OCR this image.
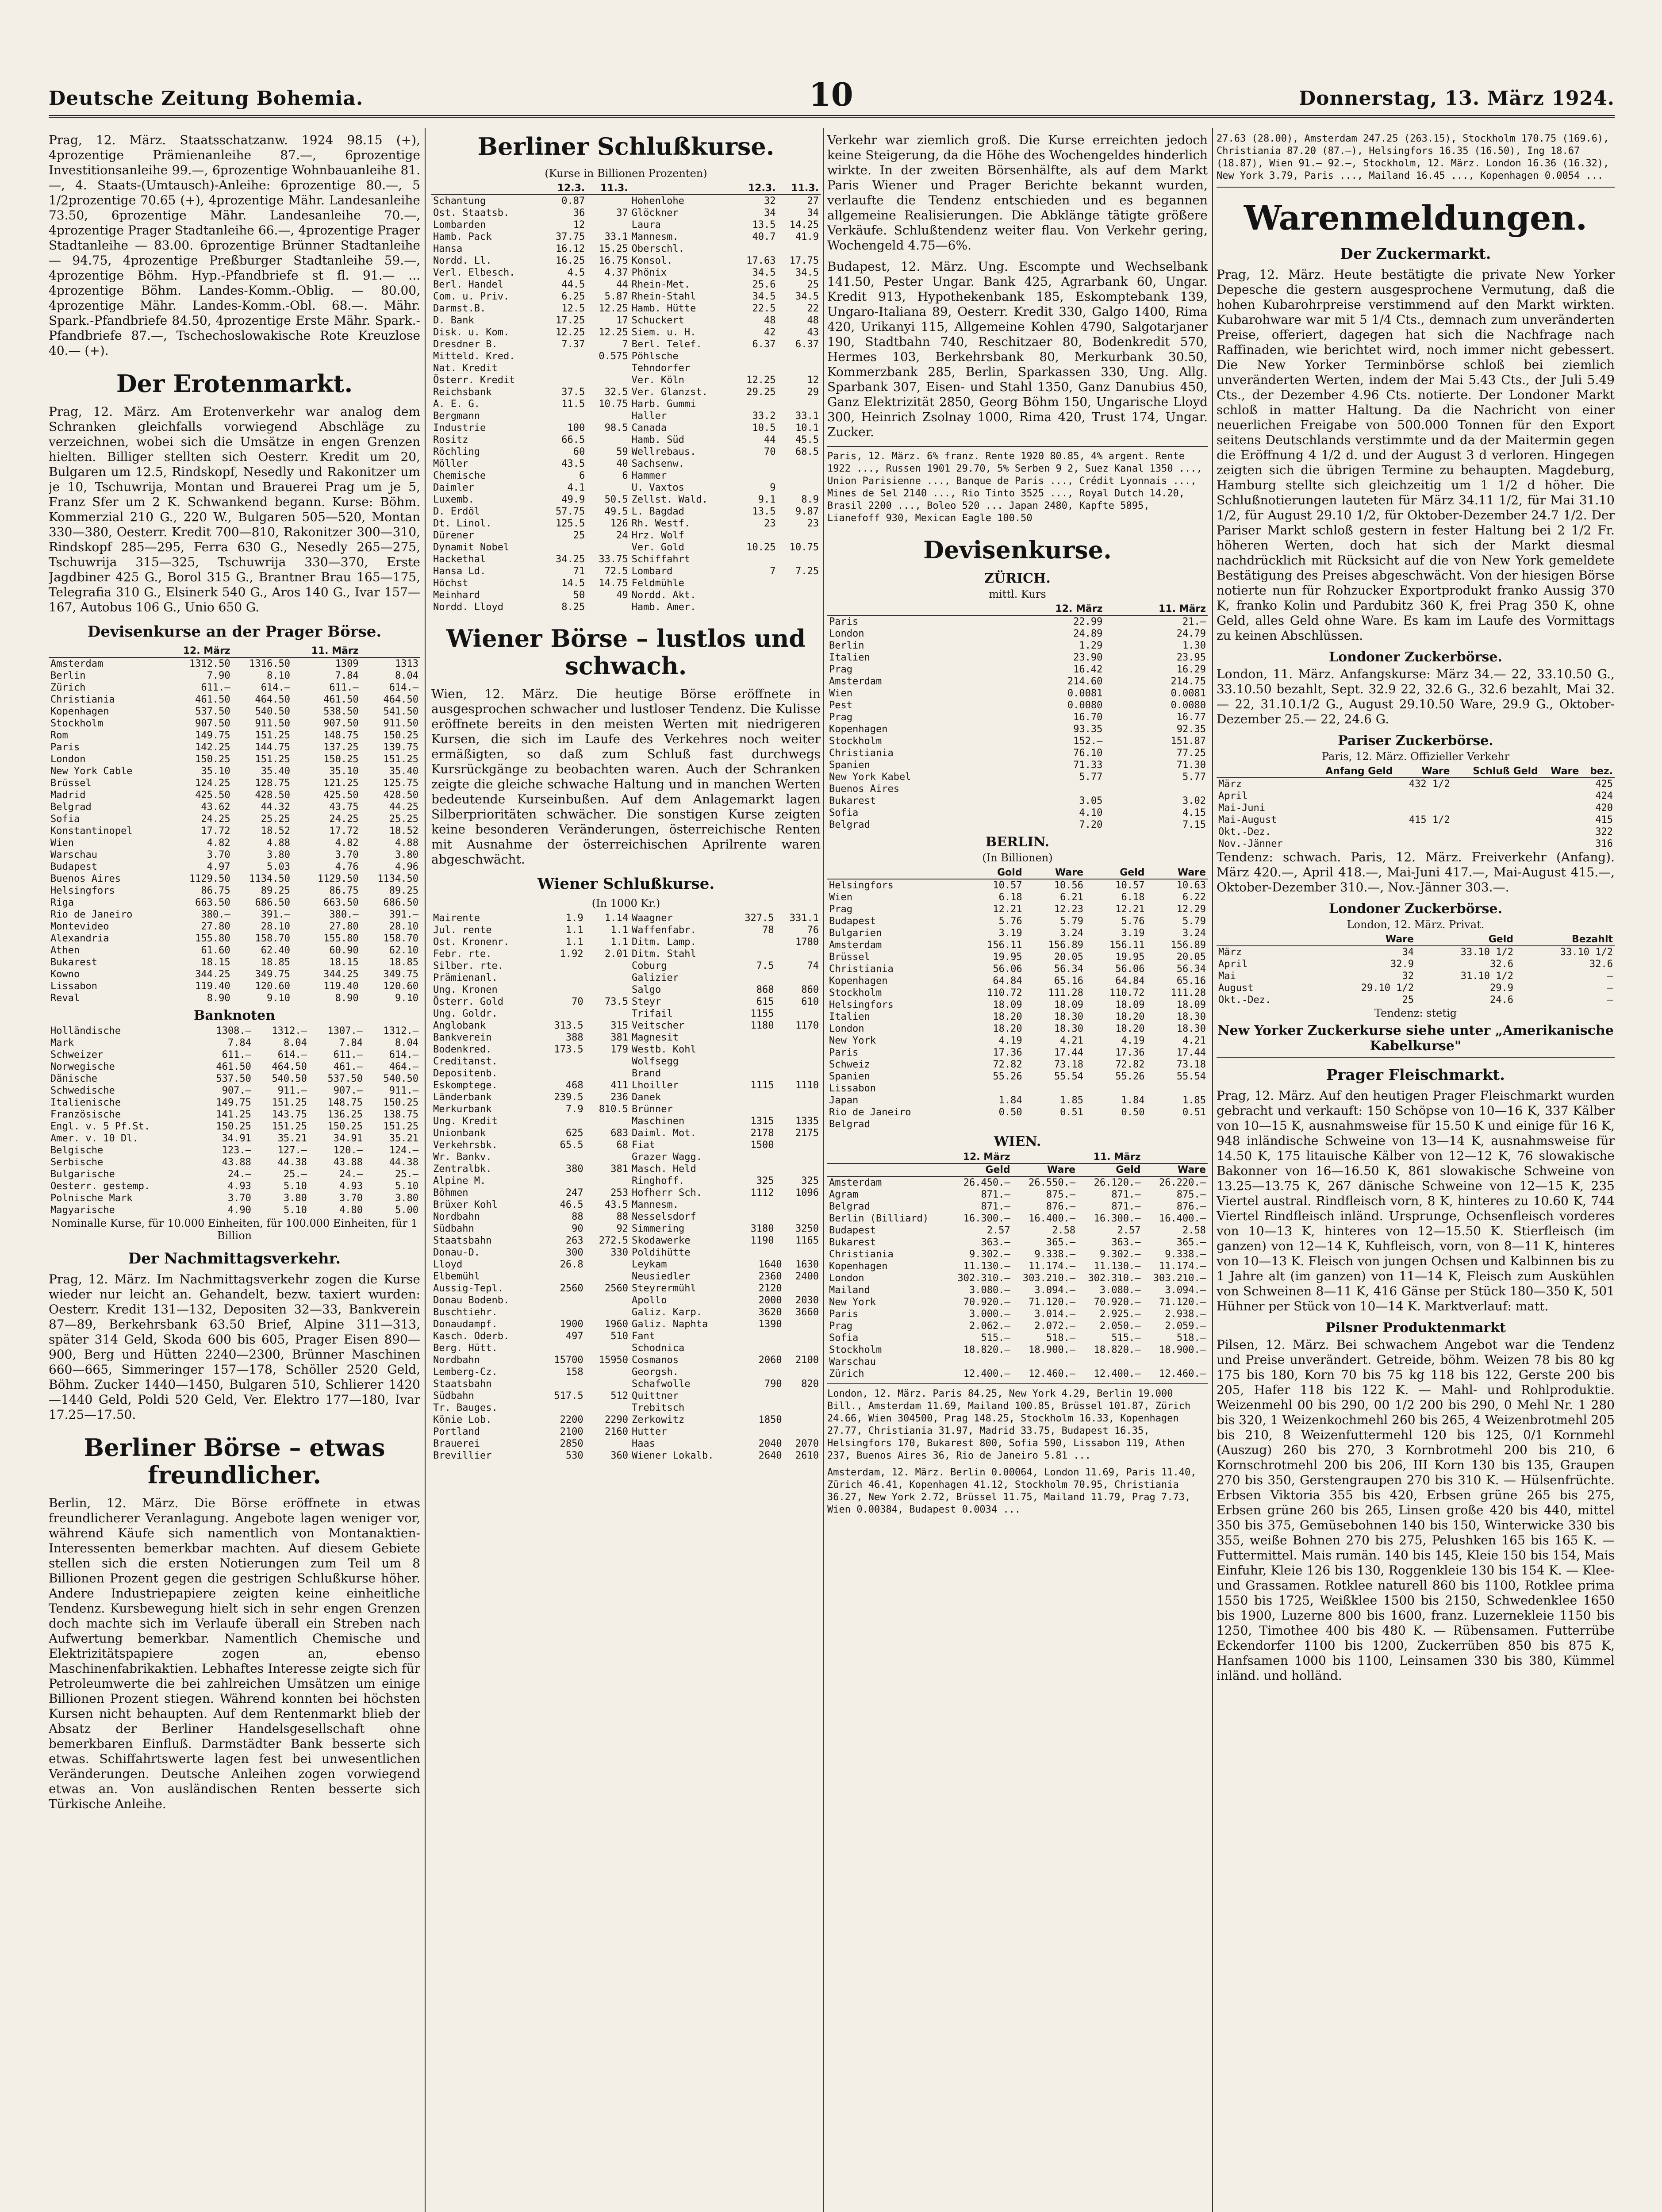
Deutsche Zeitung Bohemia.	10	Donnerstag, 13. März 1924.

Prag, 12. März. Staatsschatzanw. 1924 98.15 (+), 4prozentige Prämienanleihe 87.—, 6prozentige Investitionsanleihe 99.—, 6prozentige Wohnbauanleihe 81.—, 4. Staats-(Umtausch)-Anleihe: 6prozentige 80.—, 5 1/2prozentige 70.65 (+), 4prozentige Mähr. Landesanleihe 73.50, 6prozentige Mähr. Landesanleihe 70.—, 4prozentige Prager Stadtanleihe 66.—, 4prozentige Prager Stadtanleihe — 83.00. 6prozentige Brünner Stadtanleihe — 94.75, 4prozentige Preßburger Stadtanleihe 59.—, 4prozentige Böhm. Hyp.-Pfandbriefe st fl. 91.— ... 4prozentige Böhm. Landes-Komm.-Oblig. — 80.00, 4prozentige Mähr. Landes-Komm.-Obl. 68.—. Mähr. Spark.-Pfandbriefe 84.50, 4prozentige Erste Mähr. Spark.-Pfandbriefe 87.—, Tschechoslowakische Rote Kreuzlose 40.— (+).

Der Erotenmarkt.

Prag, 12. März. Am Erotenverkehr war analog dem Schranken gleichfalls vorwiegend Abschläge zu verzeichnen, wobei sich die Umsätze in engen Grenzen hielten. Billiger stellten sich Oesterr. Kredit um 20, Bulgaren um 12.5, Rindskopf, Nesedly und Rakonitzer um je 10, Tschuwrija, Montan und Brauerei Prag um je 5, Franz Sfer um 2 K. Schwankend begann. Kurse: Böhm. Kommerzial 210 G., 220 W., Bulgaren 505—520, Montan 330—380, Oesterr. Kredit 700—810, Rakonitzer 300—310, Rindskopf 285—295, Ferra 630 G., Nesedly 265—275, Tschuwrija 315—325, Tschuwrija 330—370, Erste Jagdbiner 425 G., Borol 315 G., Brantner Brau 165—175, Telegrafia 310 G., Elsinerk 540 G., Aros 140 G., Ivar 157—167, Autobus 106 G., Unio 650 G.

Devisenkurse an der Prager Börse.
	12. März		11. März	
Amsterdam	1312.50	1316.50	1309	1313
Berlin	7.90	8.10	7.84	8.04
Zürich	611.—	614.—	611.—	614.—
Christiania	461.50	464.50	461.50	464.50
Kopenhagen	537.50	540.50	538.50	541.50
Stockholm	907.50	911.50	907.50	911.50
Rom	149.75	151.25	148.75	150.25
Paris	142.25	144.75	137.25	139.75
London	150.25	151.25	150.25	151.25
New York Cable	35.10	35.40	35.10	35.40
Brüssel	124.25	128.75	121.25	125.75
Madrid	425.50	428.50	425.50	428.50
Belgrad	43.62	44.32	43.75	44.25
Sofia	24.25	25.25	24.25	25.25
Konstantinopel	17.72	18.52	17.72	18.52
Wien	4.82	4.88	4.82	4.88
Warschau	3.70	3.80	3.70	3.80
Budapest	4.97	5.03	4.76	4.96
Buenos Aires	1129.50	1134.50	1129.50	1134.50
Helsingfors	86.75	89.25	86.75	89.25
Riga	663.50	686.50	663.50	686.50
Rio de Janeiro	380.—	391.—	380.—	391.—
Montevideo	27.80	28.10	27.80	28.10
Alexandria	155.80	158.70	155.80	158.70
Athen	61.60	62.40	60.90	62.10
Bukarest	18.15	18.85	18.15	18.85
Kowno	344.25	349.75	344.25	349.75
Lissabon	119.40	120.60	119.40	120.60
Reval	8.90	9.10	8.90	9.10
Banknoten
Holländische	1308.—	1312.—	1307.—	1312.—
Mark	7.84	8.04	7.84	8.04
Schweizer	611.—	614.—	611.—	614.—
Norwegische	461.50	464.50	461.—	464.—
Dänische	537.50	540.50	537.50	540.50
Schwedische	907.—	911.—	907.—	911.—
Italienische	149.75	151.25	148.75	150.25
Französische	141.25	143.75	136.25	138.75
Engl. v. 5 Pf.St.	150.25	151.25	150.25	151.25
Amer. v. 10 Dl.	34.91	35.21	34.91	35.21
Belgische	123.—	127.—	120.—	124.—
Serbische	43.88	44.38	43.88	44.38
Bulgarische	24.—	25.—	24.—	25.—
Oesterr. gestemp.	4.93	5.10	4.93	5.10
Polnische Mark	3.70	3.80	3.70	3.80
Magyarische	4.90	5.10	4.80	5.00
Nominalle Kurse, für 10.000 Einheiten, für 100.000 Einheiten, für 1 Billion
Der Nachmittagsverkehr.

Prag, 12. März. Im Nachmittagsverkehr zogen die Kurse wieder nur leicht an. Gehandelt, bezw. taxiert wurden: Oesterr. Kredit 131—132, Depositen 32—33, Bankverein 87—89, Berkehrsbank 63.50 Brief, Alpine 311—313, später 314 Geld, Skoda 600 bis 605, Prager Eisen 890—900, Berg und Hütten 2240—2300, Brünner Maschinen 660—665, Simmeringer 157—178, Schöller 2520 Geld, Böhm. Zucker 1440—1450, Bulgaren 510, Schlierer 1420—1440 Geld, Poldi 520 Geld, Ver. Elektro 177—180, Ivar 17.25—17.50.

Berliner Börse – etwas freundlicher.

Berlin, 12. März. Die Börse eröffnete in etwas freundlicherer Veranlagung. Angebote lagen weniger vor, während Käufe sich namentlich von Montanaktien-Interessenten bemerkbar machten. Auf diesem Gebiete stellen sich die ersten Notierungen zum Teil um 8 Billionen Prozent gegen die gestrigen Schlußkurse höher. Andere Industriepapiere zeigten keine einheitliche Tendenz. Kursbewegung hielt sich in sehr engen Grenzen doch machte sich im Verlaufe überall ein Streben nach Aufwertung bemerkbar. Namentlich Chemische und Elektrizitätspapiere zogen an, ebenso Maschinenfabrikaktien. Lebhaftes Interesse zeigte sich für Petroleumwerte die bei zahlreichen Umsätzen um einige Billionen Prozent stiegen. Während konnten bei höchsten Kursen nicht behaupten. Auf dem Rentenmarkt blieb der Absatz der Berliner Handelsgesellschaft ohne bemerkbaren Einfluß. Darmstädter Bank besserte sich etwas. Schiffahrtswerte lagen fest bei unwesentlichen Veränderungen. Deutsche Anleihen zogen vorwiegend etwas an. Von ausländischen Renten besserte sich Türkische Anleihe.

Berliner Schlußkurse.
(Kurse in Billionen Prozenten)
	12.3.	11.3.		12.3.	11.3.
Schantung	0.87		Hohenlohe	32	27
Ost. Staatsb.	36	37	Glöckner	34	34
Lombarden	12		Laura	13.5	14.25
Hamb. Pack	37.75	33.1	Mannesm.	40.7	41.9
Hansa	16.12	15.25	Oberschl.		
Nordd. Ll.	16.25	16.75	Konsol.	17.63	17.75
Verl. Elbesch.	4.5	4.37	Phönix	34.5	34.5
Berl. Handel	44.5	44	Rhein-Met.	25.6	25
Com. u. Priv.	6.25	5.87	Rhein-Stahl	34.5	34.5
Darmst.B.	12.5	12.25	Hamb. Hütte	22.5	22
D. Bank	17.25	17	Schuckert	48	48
Disk. u. Kom.	12.25	12.25	Siem. u. H.	42	43
Dresdner B.	7.37	7	Berl. Telef.	6.37	6.37
Mitteld. Kred.		0.575	Pöhlsche		
Nat. Kredit			Tehndorfer		
Österr. Kredit			Ver. Köln	12.25	12
Reichsbank	37.5	32.5	Ver. Glanzst.	29.25	29
A. E. G.	11.5	10.75	Harb. Gummi		
Bergmann			Haller	33.2	33.1
Industrie	100	98.5	Canada	10.5	10.1
Rositz	66.5		Hamb. Süd	44	45.5
Röchling	60	59	Wellrebaus.	70	68.5
Möller	43.5	40	Sachsenw.		
Chemische	6	6	Hammer		
Daimler	4.1		U. Vaxtos	9	
Luxemb.	49.9	50.5	Zellst. Wald.	9.1	8.9
D. Erdöl	57.75	49.5	L. Bagdad	13.5	9.87
Dt. Linol.	125.5	126	Rh. Westf.	23	23
Dürener	25	24	Hrz. Wolf		
Dynamit Nobel			Ver. Gold	10.25	10.75
Hackethal	34.25	33.75	Schiffahrt		
Hansa Ld.	71	72.5	Lombard	7	7.25
Höchst	14.5	14.75	Feldmühle		
Meinhard	50	49	Nordd. Akt.		
Nordd. Lloyd	8.25		Hamb. Amer.		
Wiener Börse – lustlos und schwach.

Wien, 12. März. Die heutige Börse eröffnete in ausgesprochen schwacher und lustloser Tendenz. Die Kulisse eröffnete bereits in den meisten Werten mit niedrigeren Kursen, die sich im Laufe des Verkehres noch weiter ermäßigten, so daß zum Schluß fast durchwegs Kursrückgänge zu beobachten waren. Auch der Schranken zeigte die gleiche schwache Haltung und in manchen Werten bedeutende Kurseinbußen. Auf dem Anlagemarkt lagen Silberprioritäten schwächer. Die sonstigen Kurse zeigten keine besonderen Veränderungen, österreichische Renten mit Ausnahme der österreichischen Aprilrente waren abgeschwächt.

Wiener Schlußkurse.
(In 1000 Kr.)
Mairente	1.9	1.14	Waagner	327.5	331.1
Jul. rente	1.1	1.1	Waffenfabr.	78	76
Ost. Kronenr.	1.1	1.1	Ditm. Lamp.		1780
Febr. rte.	1.92	2.01	Ditm. Stahl		
Silber. rte.			Coburg	7.5	74
Prämienanl.			Galizier		
Ung. Kronen			Salgo	868	860
Österr. Gold	70	73.5	Steyr	615	610
Ung. Goldr.			Trifail	1155	
Anglobank	313.5	315	Veitscher	1180	1170
Bankverein	388	381	Magnesit		
Bodenkred.	173.5	179	Westb. Kohl		
Creditanst.			Wolfsegg		
Depositenb.			Brand		
Eskomptege.	468	411	Lhoiller	1115	1110
Länderbank	239.5	236	Danek		
Merkurbank	7.9	810.5	Brünner		
Ung. Kredit			Maschinen	1315	1335
Unionbank	625	683	Daiml. Mot.	2178	2175
Verkehrsbk.	65.5	68	Fiat	1500	
Wr. Bankv.			Grazer Wagg.		
Zentralbk.	380	381	Masch. Held		
Alpine M.			Ringhoff.	325	325
Böhmen	247	253	Hofherr Sch.	1112	1096
Brüxer Kohl	46.5	43.5	Mannesm.		
Nordbahn	88	88	Nesselsdorf		
Südbahn	90	92	Simmering	3180	3250
Staatsbahn	263	272.5	Skodawerke	1190	1165
Donau-D.	300	330	Poldihütte		
Lloyd	26.8		Leykam	1640	1630
Elbemühl			Neusiedler	2360	2400
Aussig-Tepl.	2560	2560	Steyrermühl	2120	
Donau Bodenb.			Apollo	2000	2030
Buschtiehr.			Galiz. Karp.	3620	3660
Donaudampf.	1900	1960	Galiz. Naphta	1390	
Kasch. Oderb.	497	510	Fant		
Berg. Hütt.			Schodnica		
Nordbahn	15700	15950	Cosmanos	2060	2100
Lemberg-Cz.	158		Georgsh.		
Staatsbahn			Schafwolle	790	820
Südbahn	517.5	512	Quittner		
Tr. Bauges.			Trebitsch		
Könie Lob.	2200	2290	Zerkowitz	1850	
Portland	2100	2160	Hutter		
Brauerei	2850		Haas	2040	2070
Brevillier	530	360	Wiener Lokalb.	2640	2610

Verkehr war ziemlich groß. Die Kurse erreichten jedoch keine Steigerung, da die Höhe des Wochengeldes hinderlich wirkte. In der zweiten Börsenhälfte, als auf dem Markt Paris Wiener und Prager Berichte bekannt wurden, verlaufte die Tendenz entschieden und es begannen allgemeine Realisierungen. Die Abklänge tätigte größere Verkäufe. Schlußtendenz weiter flau. Von Verkehr gering, Wochengeld 4.75—6%.

Budapest, 12. März. Ung. Escompte und Wechselbank 141.50, Pester Ungar. Bank 425, Agrarbank 60, Ungar. Kredit 913, Hypothekenbank 185, Eskomptebank 139, Ungaro-Italiana 89, Oesterr. Kredit 330, Galgo 1400, Rima 420, Urikanyi 115, Allgemeine Kohlen 4790, Salgotarjaner 190, Stadtbahn 740, Reschitzaer 80, Bodenkredit 570, Hermes 103, Berkehrsbank 80, Merkurbank 30.50, Kommerzbank 285, Berlin, Sparkassen 330, Ung. Allg. Sparbank 307, Eisen- und Stahl 1350, Ganz Danubius 450, Ganz Elektrizität 2850, Georg Böhm 150, Ungarische Lloyd 300, Heinrich Zsolnay 1000, Rima 420, Trust 174, Ungar. Zucker.

Paris, 12. März. 6% franz. Rente 1920 80.85, 4% argent. Rente 1922 ..., Russen 1901 29.70, 5% Serben 9 2, Suez Kanal 1350 ..., Union Parisienne ..., Banque de Paris ..., Crédit Lyonnais ..., Mines de Sel 2140 ..., Rio Tinto 3525 ..., Royal Dutch 14.20, Brasil 2200 ..., Boleo 520 ... Japan 2480, Kapfte 5895, Lianefoff 930, Mexican Eagle 100.50

Devisenkurse.
ZÜRICH.
mittl. Kurs
	12. März	11. März
Paris	22.99	21.—
London	24.89	24.79
Berlin	1.29	1.30
Italien	23.90	23.95
Prag	16.42	16.29
Amsterdam	214.60	214.75
Wien	0.0081	0.0081
Pest	0.0080	0.0080
Prag	16.70	16.77
Kopenhagen	93.35	92.35
Stockholm	152.—	151.87
Christiania	76.10	77.25
Spanien	71.33	71.30
New York Kabel	5.77	5.77
Buenos Aires		
Bukarest	3.05	3.02
Sofia	4.10	4.15
Belgrad	7.20	7.15
BERLIN.
(In Billionen)
	Gold	Ware	Geld	Ware
Helsingfors	10.57	10.56	10.57	10.63
Wien	6.18	6.21	6.18	6.22
Prag	12.21	12.23	12.21	12.29
Budapest	5.76	5.79	5.76	5.79
Bulgarien	3.19	3.24	3.19	3.24
Amsterdam	156.11	156.89	156.11	156.89
Brüssel	19.95	20.05	19.95	20.05
Christiania	56.06	56.34	56.06	56.34
Kopenhagen	64.84	65.16	64.84	65.16
Stockholm	110.72	111.28	110.72	111.28
Helsingfors	18.09	18.09	18.09	18.09
Italien	18.20	18.30	18.20	18.30
London	18.20	18.30	18.20	18.30
New York	4.19	4.21	4.19	4.21
Paris	17.36	17.44	17.36	17.44
Schweiz	72.82	73.18	72.82	73.18
Spanien	55.26	55.54	55.26	55.54
Lissabon				
Japan	1.84	1.85	1.84	1.85
Rio de Janeiro	0.50	0.51	0.50	0.51
Belgrad				
WIEN.
	12. März		11. März	
	Geld	Ware	Geld	Ware
Amsterdam	26.450.—	26.550.—	26.120.—	26.220.—
Agram	871.—	875.—	871.—	875.—
Belgrad	871.—	876.—	871.—	876.—
Berlin (Billiard)	16.300.—	16.400.—	16.300.—	16.400.—
Budapest	2.57	2.58	2.57	2.58
Bukarest	363.—	365.—	363.—	365.—
Christiania	9.302.—	9.338.—	9.302.—	9.338.—
Kopenhagen	11.130.—	11.174.—	11.130.—	11.174.—
London	302.310.—	303.210.—	302.310.—	303.210.—
Mailand	3.080.—	3.094.—	3.080.—	3.094.—
New York	70.920.—	71.120.—	70.920.—	71.120.—
Paris	3.000.—	3.014.—	2.925.—	2.938.—
Prag	2.062.—	2.072.—	2.050.—	2.059.—
Sofia	515.—	518.—	515.—	518.—
Stockholm	18.820.—	18.900.—	18.820.—	18.900.—
Warschau				
Zürich	12.400.—	12.460.—	12.400.—	12.460.—

London, 12. März. Paris 84.25, New York 4.29, Berlin 19.000 Bill., Amsterdam 11.69, Mailand 100.85, Brüssel 101.87, Zürich 24.66, Wien 304500, Prag 148.25, Stockholm 16.33, Kopenhagen 27.77, Christiania 31.97, Madrid 33.75, Budapest 16.35, Helsingfors 170, Bukarest 800, Sofia 590, Lissabon 119, Athen 237, Buenos Aires 36, Rio de Janeiro 5.81 ...

Amsterdam, 12. März. Berlin 0.00064, London 11.69, Paris 11.40, Zürich 46.41, Kopenhagen 41.12, Stockholm 70.95, Christiania 36.27, New York 2.72, Brüssel 11.75, Mailand 11.79, Prag 7.73, Wien 0.00384, Budapest 0.0034 ...

27.63 (28.00), Amsterdam 247.25 (263.15), Stockholm 170.75 (169.6), Christiania 87.20 (87.—), Helsingfors 16.35 (16.50), Ing 18.67 (18.87), Wien 91.— 92.—, Stockholm, 12. März. London 16.36 (16.32), New York 3.79, Paris ..., Mailand 16.45 ..., Kopenhagen 0.0054 ...

Warenmeldungen.
Der Zuckermarkt.

Prag, 12. März. Heute bestätigte die private New Yorker Depesche die gestern ausgesprochene Vermutung, daß die hohen Kubarohrpreise verstimmend auf den Markt wirkten. Kubarohware war mit 5 1/4 Cts., demnach zum unveränderten Preise, offeriert, dagegen hat sich die Nachfrage nach Raffinaden, wie berichtet wird, noch immer nicht gebessert. Die New Yorker Terminbörse schloß bei ziemlich unveränderten Werten, indem der Mai 5.43 Cts., der Juli 5.49 Cts., der Dezember 4.96 Cts. notierte. Der Londoner Markt schloß in matter Haltung. Da die Nachricht von einer neuerlichen Freigabe von 500.000 Tonnen für den Export seitens Deutschlands verstimmte und da der Maitermin gegen die Eröffnung 4 1/2 d. und der August 3 d verloren. Hingegen zeigten sich die übrigen Termine zu behaupten. Magdeburg, Hamburg stellte sich gleichzeitig um 1 1/2 d höher. Die Schlußnotierungen lauteten für März 34.11 1/2, für Mai 31.10 1/2, für August 29.10 1/2, für Oktober-Dezember 24.7 1/2. Der Pariser Markt schloß gestern in fester Haltung bei 2 1/2 Fr. höheren Werten, doch hat sich der Markt diesmal nachdrücklich mit Rücksicht auf die von New York gemeldete Bestätigung des Preises abgeschwächt. Von der hiesigen Börse notierte nun für Rohzucker Exportprodukt franko Aussig 370 K, franko Kolin und Pardubitz 360 K, frei Prag 350 K, ohne Geld, alles Geld ohne Ware. Es kam im Laufe des Vormittags zu keinen Abschlüssen.

Londoner Zuckerbörse.

London, 11. März. Anfangskurse: März 34.— 22, 33.10.50 G., 33.10.50 bezahlt, Sept. 32.9 22, 32.6 G., 32.6 bezahlt, Mai 32.— 22, 31.10.1/2 G., August 29.10.50 Ware, 29.9 G., Oktober-Dezember 25.— 22, 24.6 G.

Pariser Zuckerbörse.
Paris, 12. März. Offizieller Verkehr
	Anfang Geld	Ware	Schluß Geld	Ware	bez.
März		432 1/2			425
April					424
Mai-Juni					420
Mai-August		415 1/2			415
Okt.-Dez.					322
Nov.-Jänner					316

Tendenz: schwach. Paris, 12. März. Freiverkehr (Anfang). März 420.—, April 418.—, Mai-Juni 417.—, Mai-August 415.—, Oktober-Dezember 310.—, Nov.-Jänner 303.—.

Londoner Zuckerbörse.
London, 12. März. Privat.
	Ware	Geld	Bezahlt
März	34	33.10 1/2	33.10 1/2
April	32.9	32.6	32.6
Mai	32	31.10 1/2	—
August	29.10 1/2	29.9	—
Okt.-Dez.	25	24.6	—
Tendenz: stetig
New Yorker Zuckerkurse siehe unter „Amerikanische Kabelkurse"
Prager Fleischmarkt.

Prag, 12. März. Auf den heutigen Prager Fleischmarkt wurden gebracht und verkauft: 150 Schöpse von 10—16 K, 337 Kälber von 10—15 K, ausnahmsweise für 15.50 K und einige für 16 K, 948 inländische Schweine von 13—14 K, ausnahmsweise für 14.50 K, 175 litauische Kälber von 12—12 K, 76 slowakische Bakonner von 16—16.50 K, 861 slowakische Schweine von 13.25—13.75 K, 267 dänische Schweine von 12—15 K, 235 Viertel austral. Rindfleisch vorn, 8 K, hinteres zu 10.60 K, 744 Viertel Rindfleisch inländ. Ursprunge, Ochsenfleisch vorderes von 10—13 K, hinteres von 12—15.50 K. Stierfleisch (im ganzen) von 12—14 K, Kuhfleisch, vorn, von 8—11 K, hinteres von 10—13 K. Fleisch von jungen Ochsen und Kalbinnen bis zu 1 Jahre alt (im ganzen) von 11—14 K, Fleisch zum Auskühlen von Schweinen 8—11 K, 416 Gänse per Stück 180—350 K, 501 Hühner per Stück von 10—14 K. Marktverlauf: matt.

Pilsner Produktenmarkt

Pilsen, 12. März. Bei schwachem Angebot war die Tendenz und Preise unverändert. Getreide, böhm. Weizen 78 bis 80 kg 175 bis 180, Korn 70 bis 75 kg 118 bis 122, Gerste 200 bis 205, Hafer 118 bis 122 K. — Mahl- und Rohlproduktie. Weizenmehl 00 bis 290, 00 1/2 200 bis 290, 0 Mehl Nr. 1 280 bis 320, 1 Weizenkochmehl 260 bis 265, 4 Weizenbrotmehl 205 bis 210, 8 Weizenfuttermehl 120 bis 125, 0/1 Kornmehl (Auszug) 260 bis 270, 3 Kornbrotmehl 200 bis 210, 6 Kornschrotmehl 200 bis 206, III Korn 130 bis 135, Graupen 270 bis 350, Gerstengraupen 270 bis 310 K. — Hülsenfrüchte. Erbsen Viktoria 355 bis 420, Erbsen grüne 265 bis 275, Erbsen grüne 260 bis 265, Linsen große 420 bis 440, mittel 350 bis 375, Gemüsebohnen 140 bis 150, Winterwicke 330 bis 355, weiße Bohnen 270 bis 275, Pelushken 165 bis 165 K. — Futtermittel. Mais rumän. 140 bis 145, Kleie 150 bis 154, Mais Einfuhr, Kleie 126 bis 130, Roggenkleie 130 bis 154 K. — Klee- und Grassamen. Rotklee naturell 860 bis 1100, Rotklee prima 1550 bis 1725, Weißklee 1500 bis 2150, Schwedenklee 1650 bis 1900, Luzerne 800 bis 1600, franz. Luzernekleie 1150 bis 1250, Timothee 400 bis 480 K. — Rübensamen. Futterrübe Eckendorfer 1100 bis 1200, Zuckerrüben 850 bis 875 K, Hanfsamen 1000 bis 1100, Leinsamen 330 bis 380, Kümmel inländ. und holländ.
